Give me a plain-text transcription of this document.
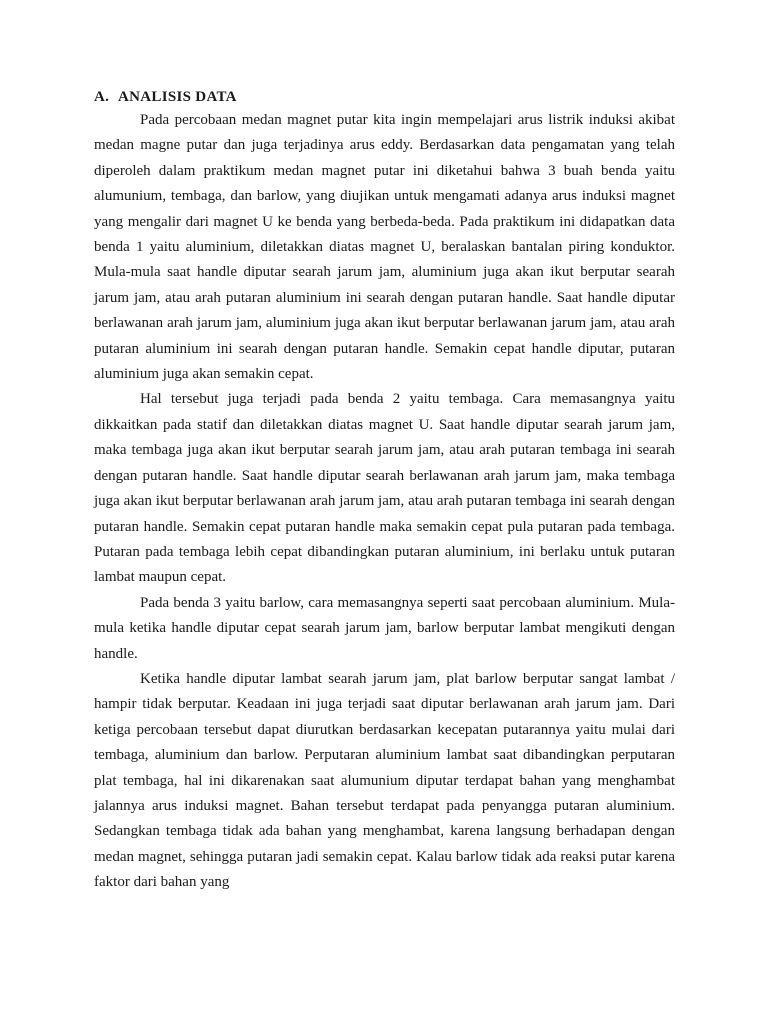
A. ANALISIS DATA

Pada percobaan medan magnet putar kita ingin mempelajari arus listrik induksi akibat medan magne putar dan juga terjadinya arus eddy. Berdasarkan data pengamatan yang telah diperoleh dalam praktikum medan magnet putar ini diketahui bahwa 3 buah benda yaitu alumunium, tembaga, dan barlow, yang diujikan untuk mengamati adanya arus induksi magnet yang mengalir dari magnet U ke benda yang berbeda-beda. Pada praktikum ini didapatkan data benda 1 yaitu aluminium, diletakkan diatas magnet U, beralaskan bantalan piring konduktor. Mula-mula saat handle diputar searah jarum jam, aluminium juga akan ikut berputar searah jarum jam, atau arah putaran aluminium ini searah dengan putaran handle. Saat handle diputar berlawanan arah jarum jam, aluminium juga akan ikut berputar berlawanan jarum jam, atau arah putaran aluminium ini searah dengan putaran handle. Semakin cepat handle diputar, putaran aluminium juga akan semakin cepat.

Hal tersebut juga terjadi pada benda 2 yaitu tembaga. Cara memasangnya yaitu dikkaitkan pada statif dan diletakkan diatas magnet U. Saat handle diputar searah jarum jam, maka tembaga juga akan ikut berputar searah jarum jam, atau arah putaran tembaga ini searah dengan putaran handle. Saat handle diputar searah berlawanan arah jarum jam, maka tembaga juga akan ikut berputar berlawanan arah jarum jam, atau arah putaran tembaga ini searah dengan putaran handle. Semakin cepat putaran handle maka semakin cepat pula putaran pada tembaga. Putaran pada tembaga lebih cepat dibandingkan putaran aluminium, ini berlaku untuk putaran lambat maupun cepat.

Pada benda 3 yaitu barlow, cara memasangnya seperti saat percobaan aluminium. Mula-mula ketika handle diputar cepat searah jarum jam, barlow berputar lambat mengikuti dengan handle.

Ketika handle diputar lambat searah jarum jam, plat barlow berputar sangat lambat / hampir tidak berputar. Keadaan ini juga terjadi saat diputar berlawanan arah jarum jam. Dari ketiga percobaan tersebut dapat diurutkan berdasarkan kecepatan putarannya yaitu mulai dari tembaga, aluminium dan barlow. Perputaran aluminium lambat saat dibandingkan perputaran plat tembaga, hal ini dikarenakan saat alumunium diputar terdapat bahan yang menghambat jalannya arus induksi magnet. Bahan tersebut terdapat pada penyangga putaran aluminium. Sedangkan tembaga tidak ada bahan yang menghambat, karena langsung berhadapan dengan medan magnet, sehingga putaran jadi semakin cepat. Kalau barlow tidak ada reaksi putar karena faktor dari bahan yang
